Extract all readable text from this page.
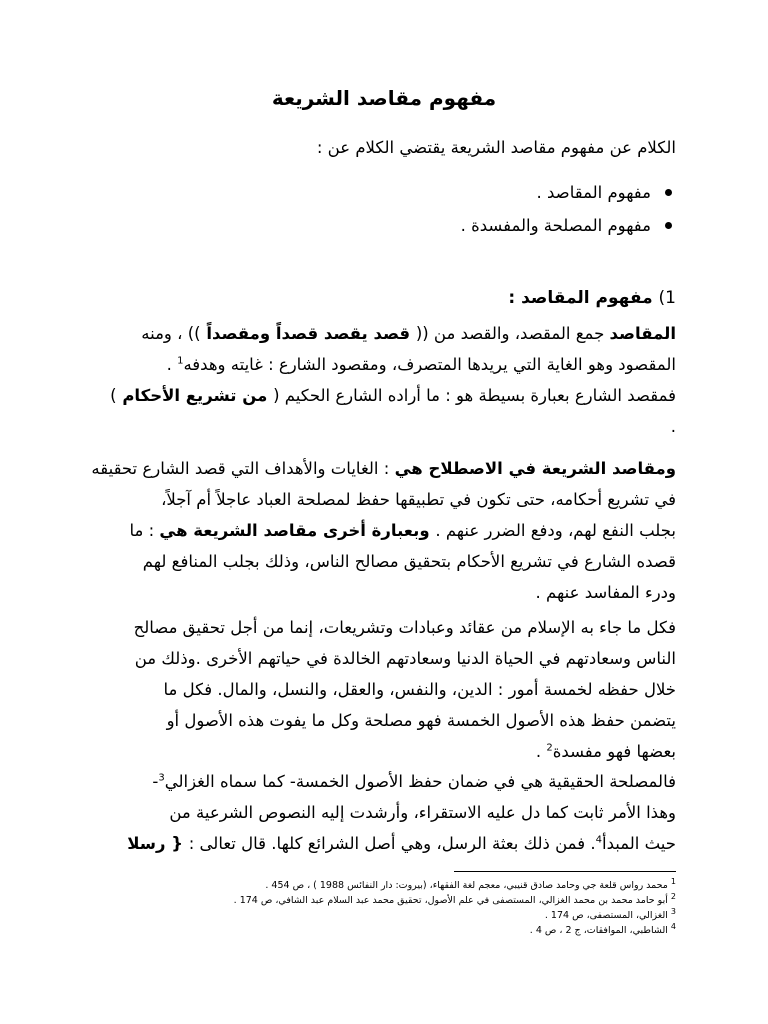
مفهوم مقاصد الشريعة
الكلام عن مفهوم مقاصد الشريعة يقتضي الكلام عن :
مفهوم المقاصد .
مفهوم المصلحة والمفسدة .
1) مفهوم المقاصد :
المقاصد جمع المقصد، والقصد من (( قصد يقصد قصداً ومقصداً )) ، ومنه
المقصود وهو الغاية التي يريدها المتصرف، ومقصود الشارع : غايته وهدفه$^1$ .
فمقصد الشارع بعبارة بسيطة هو : ما أراده الشارع الحكيم ( من تشريع الأحكام )
.
ومقاصد الشريعة في الاصطلاح هي : الغايات والأهداف التي قصد الشارع تحقيقه
في تشريع أحكامه، حتى تكون في تطبيقها حفظ لمصلحة العباد عاجلاً أم آجلاً،
بجلب النفع لهم، ودفع الضرر عنهم . وبعبارة أخرى مقاصد الشريعة هي : ما
قصده الشارع في تشريع الأحكام بتحقيق مصالح الناس، وذلك بجلب المنافع لهم
ودرء المفاسد عنهم .
فكل ما جاء به الإسلام من عقائد وعبادات وتشريعات، إنما من أجل تحقيق مصالح
الناس وسعادتهم في الحياة الدنيا وسعادتهم الخالدة في حياتهم الأخرى .وذلك من
خلال حفظه لخمسة أمور : الدين، والنفس، والعقل، والنسل، والمال. فكل ما
يتضمن حفظ هذه الأصول الخمسة فهو مصلحة وكل ما يفوت هذه الأصول أو
بعضها فهو مفسدة$^2$ .
فالمصلحة الحقيقية هي في ضمان حفظ الأصول الخمسة- كما سماه الغزالي$^3$-
وهذا الأمر ثابت كما دل عليه الاستقراء، وأرشدت إليه النصوص الشرعية من
حيث المبدأ$^4$. فمن ذلك بعثة الرسل، وهي أصل الشرائع كلها. قال تعالى : { رسلا
$^1$ محمد رواس قلعة جي وحامد صادق قنيبي، معجم لغة الفقهاء، (بيروت: دار النفائس 1988 ) ، ص 454 .
$^2$ أبو حامد محمد بن محمد الغزالي، المستصفى في علم الأصول، تحقيق محمد عبد السلام عبد الشافي، ص 174 .
$^3$ الغزالي، المستصفى، ص 174 .
$^4$ الشاطبي، الموافقات، ج 2 ، ص 4 .
